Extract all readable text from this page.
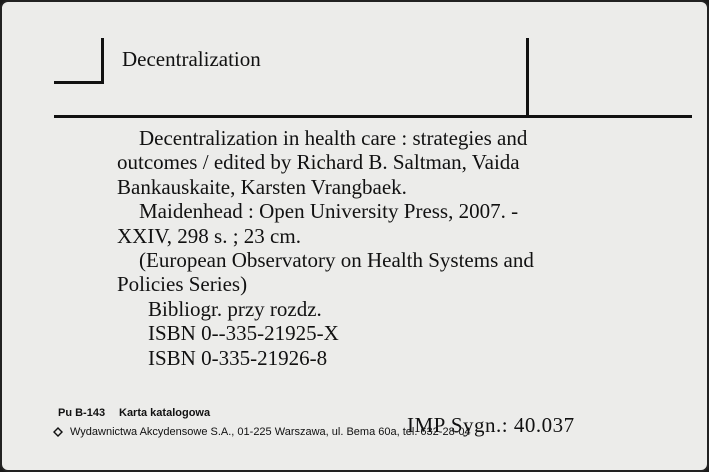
Decentralization
Decentralization in health care : strategies and
outcomes / edited by Richard B. Saltman, Vaida
Bankauskaite, Karsten Vrangbaek.
Maidenhead : Open University Press, 2007. -
XXIV, 298 s. ; 23 cm.
(European Observatory on Health Systems and
Policies Series)
Bibliogr. przy rozdz.
ISBN 0--335-21925-X
ISBN 0-335-21926-8
Pu B-143 Karta katalogowa
Wydawnictwa Akcydensowe S.A., 01-225 Warszawa, ul. Bema 60a, tel. 632-28-04
IMP Sygn.: 40.037
